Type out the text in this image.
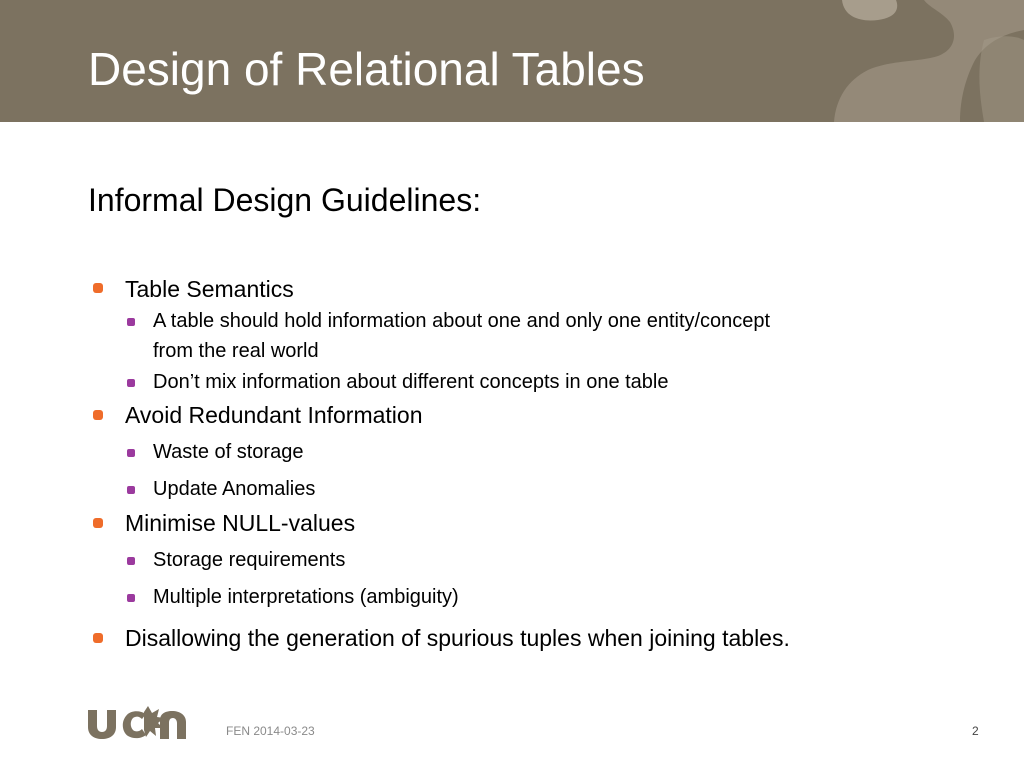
Design of Relational Tables
Informal Design Guidelines:
Table Semantics
A table should hold information about one and only one entity/concept
from the real world
Don’t mix information about different concepts in one table
Avoid Redundant Information
Waste of storage
Update Anomalies
Minimise NULL-values
Storage requirements
Multiple interpretations (ambiguity)
Disallowing the generation of spurious tuples when joining tables.
FEN 2014-03-23	2
